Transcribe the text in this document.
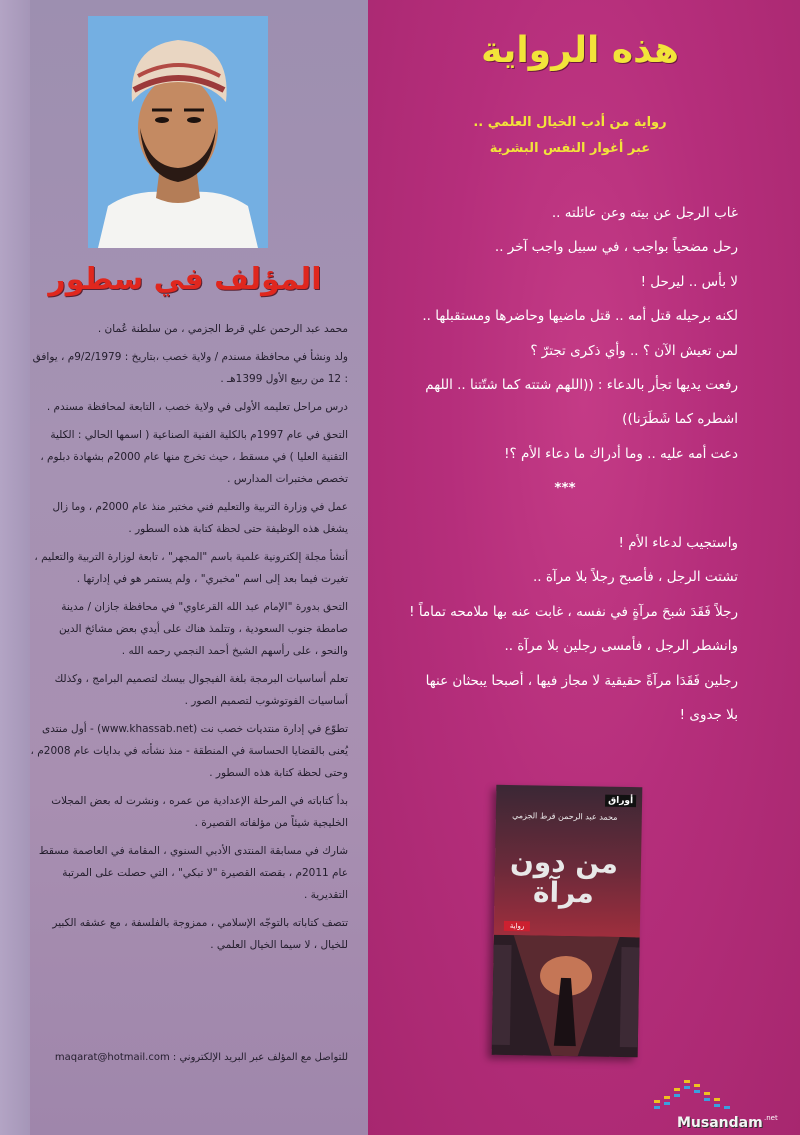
المؤلف في سطور

محمد عبد الرحمن علي قرط الجزمي ، من سلطنة عُمان .

ولد ونشأ في محافظة مسندم / ولاية خصب ،بتاريخ : 9/2/1979م ، يوافق : 12 من ربيع الأول 1399هـ .

درس مراحل تعليمه الأولى في ولاية خصب ، التابعة لمحافظة مسندم .

التحق في عام 1997م بالكلية الفنية الصناعية ( اسمها الحالي : الكلية التقنية العليا ) في مسقط ، حيث تخرج منها عام 2000م بشهادة دبلوم ، تخصص مختبرات المدارس .

عمل في وزارة التربية والتعليم فني مختبر منذ عام 2000م ، وما زال يشغل هذه الوظيفة حتى لحظة كتابة هذه السطور .

أنشأ مجلة إلكترونية علمية باسم "المجهر" ، تابعة لوزارة التربية والتعليم ، تغيرت فيما بعد إلى اسم "مخبري" ، ولم يستمر هو في إدارتها .

التحق بدورة "الإمام عبد الله القرعاوي" في محافظة جازان / مدينة صامطة جنوب السعودية ، وتتلمذ هناك على أيدي بعض مشائخ الدين والنحو ، على رأسهم الشيخ أحمد النجمي رحمه الله .

تعلم أساسيات البرمجة بلغة الفيجوال بيسك لتصميم البرامج ، وكذلك أساسيات الفوتوشوب لتصميم الصور .

تطوّع في إدارة منتديات خصب نت (www.khassab.net) - أول منتدى يُعنى بالقضايا الحساسة في المنطقة - منذ نشأته في بدايات عام 2008م ، وحتى لحظة كتابة هذه السطور .

بدأ كتاباته في المرحلة الإعدادية من عمره ، ونشرت له بعض المجلات الخليجية شيئاً من مؤلفاته القصيرة .

شارك في مسابقة المنتدى الأدبي السنوي ، المقامة في العاصمة مسقط عام 2011م ، بقصته القصيرة "لا تبكي" ، التي حصلت على المرتبة التقديرية .

تتصف كتاباته بالتوجّه الإسلامي ، ممزوجة بالفلسفة ، مع عشقه الكبير للخيال ، لا سيما الخيال العلمي .

للتواصل مع المؤلف عبر البريد الإلكتروني : maqarat@hotmail.com
هذه الرواية
رواية من أدب الخيال العلمي ..
عبر أغوار النفس البشرية
غاب الرجل عن بيته وعن عائلته ..
رحل مضحياً بواجب ، في سبيل واجب آخر ..
لا بأس .. ليرحل !
لكنه برحيله قتل أمه .. قتل ماضيها وحاضرها ومستقبلها ..
لمن تعيش الآن ؟ .. وأي ذكرى تجترّ ؟
رفعت يديها تجأر بالدعاء : ((اللهم شتته كما شتّتنا .. اللهم
اشطره كما شَطَرَنا))
دعت أمه عليه .. وما أدراك ما دعاء الأم ؟!
***
واستجيب لدعاء الأم !
تشتت الرجل ، فأصبح رجلاً بلا مرآة ..
رجلاً فَقَدَ شبحَ مرآةٍ في نفسه ، غابت عنه بها ملامحه تماماً !
وانشطر الرجل ، فأمسى رجلين بلا مرآة ..
رجلين فَقَدَا مرآةً حقيقية لا مجاز فيها ، أصبحا يبحثان عنها
بلا جدوى !
أوراق
محمد عبد الرحمن قرط الجزمي
من دون مرآة
رواية
Musandam .net
